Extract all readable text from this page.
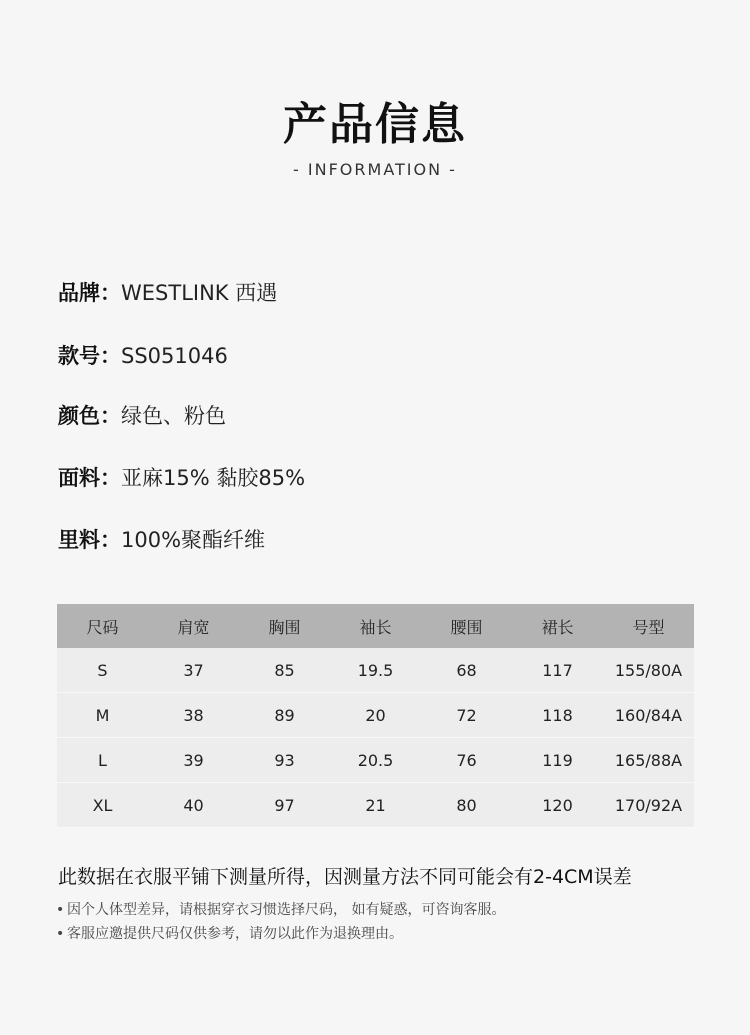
产品信息
- INFORMATION -
品牌：WESTLINK 西遇
款号：SS051046
颜色：绿色、粉色
面料：亚麻15% 黏胶85%
里料：100%聚酯纤维
尺码	肩宽	胸围	袖长	腰围	裙长	号型
S	37	85	19.5	68	117	155/80A
M	38	89	20	72	118	160/84A
L	39	93	20.5	76	119	165/88A
XL	40	97	21	80	120	170/92A
此数据在衣服平铺下测量所得，因测量方法不同可能会有2-4CM误差
• 因个人体型差异，请根据穿衣习惯选择尺码， 如有疑惑，可咨询客服。
• 客服应邀提供尺码仅供参考，请勿以此作为退换理由。
